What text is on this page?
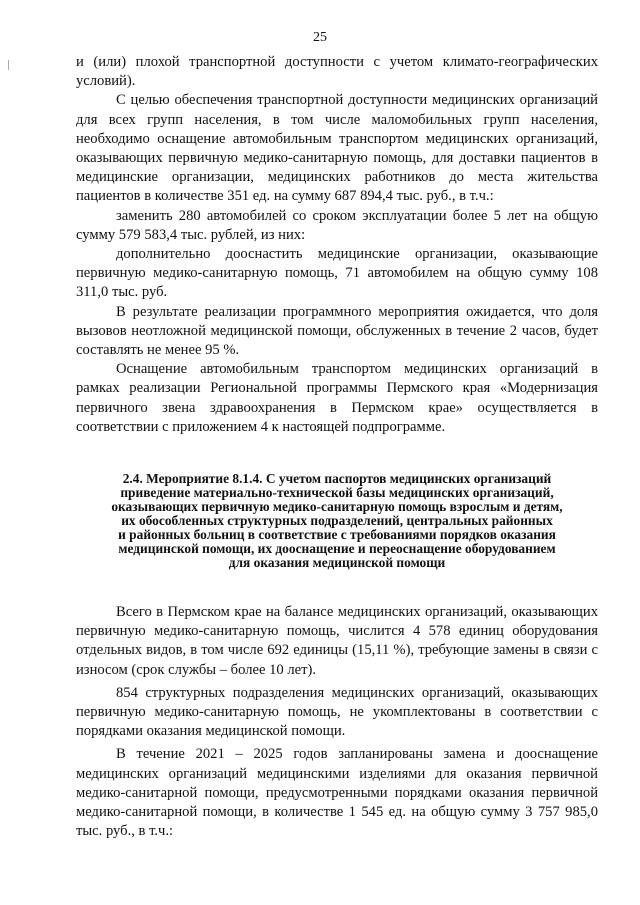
25

и (или) плохой транспортной доступности с учетом климато-географических условий).

С целью обеспечения транспортной доступности медицинских организаций для всех групп населения, в том числе маломобильных групп населения, необходимо оснащение автомобильным транспортом медицинских организаций, оказывающих первичную медико-санитарную помощь, для доставки пациентов в медицинские организации, медицинских работников до места жительства пациентов в количестве 351 ед. на сумму 687 894,4 тыс. руб., в т.ч.:

заменить 280 автомобилей со сроком эксплуатации более 5 лет на общую сумму 579 583,4 тыс. рублей, из них:

дополнительно дооснастить медицинские организации, оказывающие первичную медико-санитарную помощь, 71 автомобилем на общую сумму 108 311,0 тыс. руб.

В результате реализации программного мероприятия ожидается, что доля вызовов неотложной медицинской помощи, обслуженных в течение 2 часов, будет составлять не менее 95 %.

Оснащение автомобильным транспортом медицинских организаций в рамках реализации Региональной программы Пермского края «Модернизация первичного звена здравоохранения в Пермском крае» осуществляется в соответствии с приложением 4 к настоящей подпрограмме.

2.4. Мероприятие 8.1.4. С учетом паспортов медицинских организаций
приведение материально-технической базы медицинских организаций,
оказывающих первичную медико-санитарную помощь взрослым и детям,
их обособленных структурных подразделений, центральных районных
и районных больниц в соответствие с требованиями порядков оказания
медицинской помощи, их дооснащение и переоснащение оборудованием
для оказания медицинской помощи

Всего в Пермском крае на балансе медицинских организаций, оказывающих первичную медико-санитарную помощь, числится 4 578 единиц оборудования отдельных видов, в том числе 692 единицы (15,11 %), требующие замены в связи с износом (срок службы – более 10 лет).

854 структурных подразделения медицинских организаций, оказывающих первичную медико-санитарную помощь, не укомплектованы в соответствии с порядками оказания медицинской помощи.

В течение 2021 – 2025 годов запланированы замена и дооснащение медицинских организаций медицинскими изделиями для оказания первичной медико-санитарной помощи, предусмотренными порядками оказания первичной медико-санитарной помощи, в количестве 1 545 ед. на общую сумму 3 757 985,0 тыс. руб., в т.ч.:
